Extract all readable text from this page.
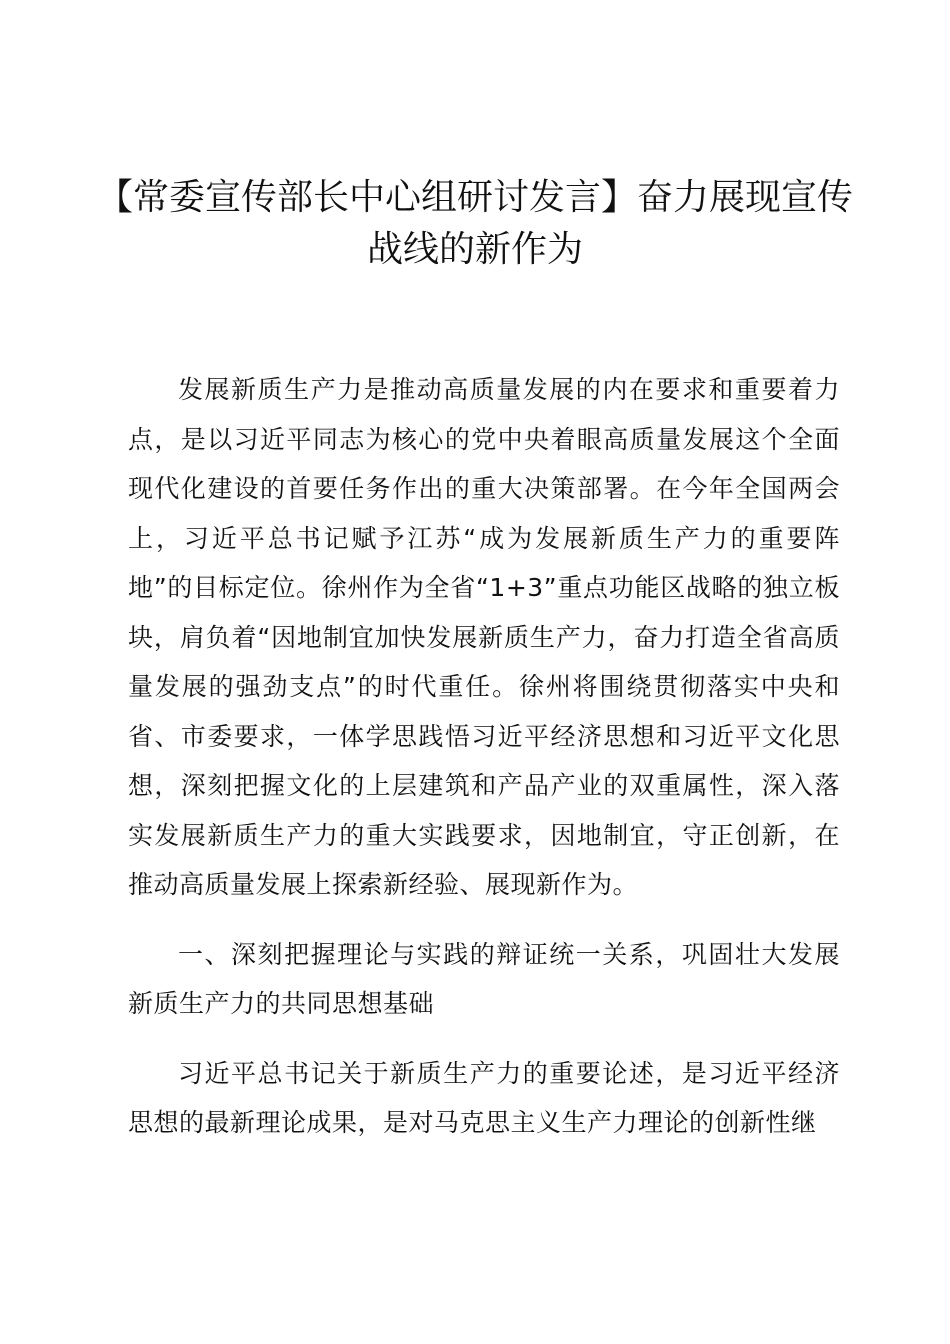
【常委宣传部长中心组研讨发言】奋力展现宣传战线的新作为

发展新质生产力是推动高质量发展的内在要求和重要着力点，是以习近平同志为核心的党中央着眼高质量发展这个全面现代化建设的首要任务作出的重大决策部署。在今年全国两会上，习近平总书记赋予江苏“成为发展新质生产力的重要阵地”的目标定位。徐州作为全省“1+3”重点功能区战略的独立板块，肩负着“因地制宜加快发展新质生产力，奋力打造全省高质量发展的强劲支点”的时代重任。徐州将围绕贯彻落实中央和省、市委要求，一体学思践悟习近平经济思想和习近平文化思想，深刻把握文化的上层建筑和产品产业的双重属性，深入落实发展新质生产力的重大实践要求，因地制宜，守正创新，在推动高质量发展上探索新经验、展现新作为。

一、深刻把握理论与实践的辩证统一关系，巩固壮大发展新质生产力的共同思想基础

习近平总书记关于新质生产力的重要论述，是习近平经济思想的最新理论成果，是对马克思主义生产力理论的创新性继
